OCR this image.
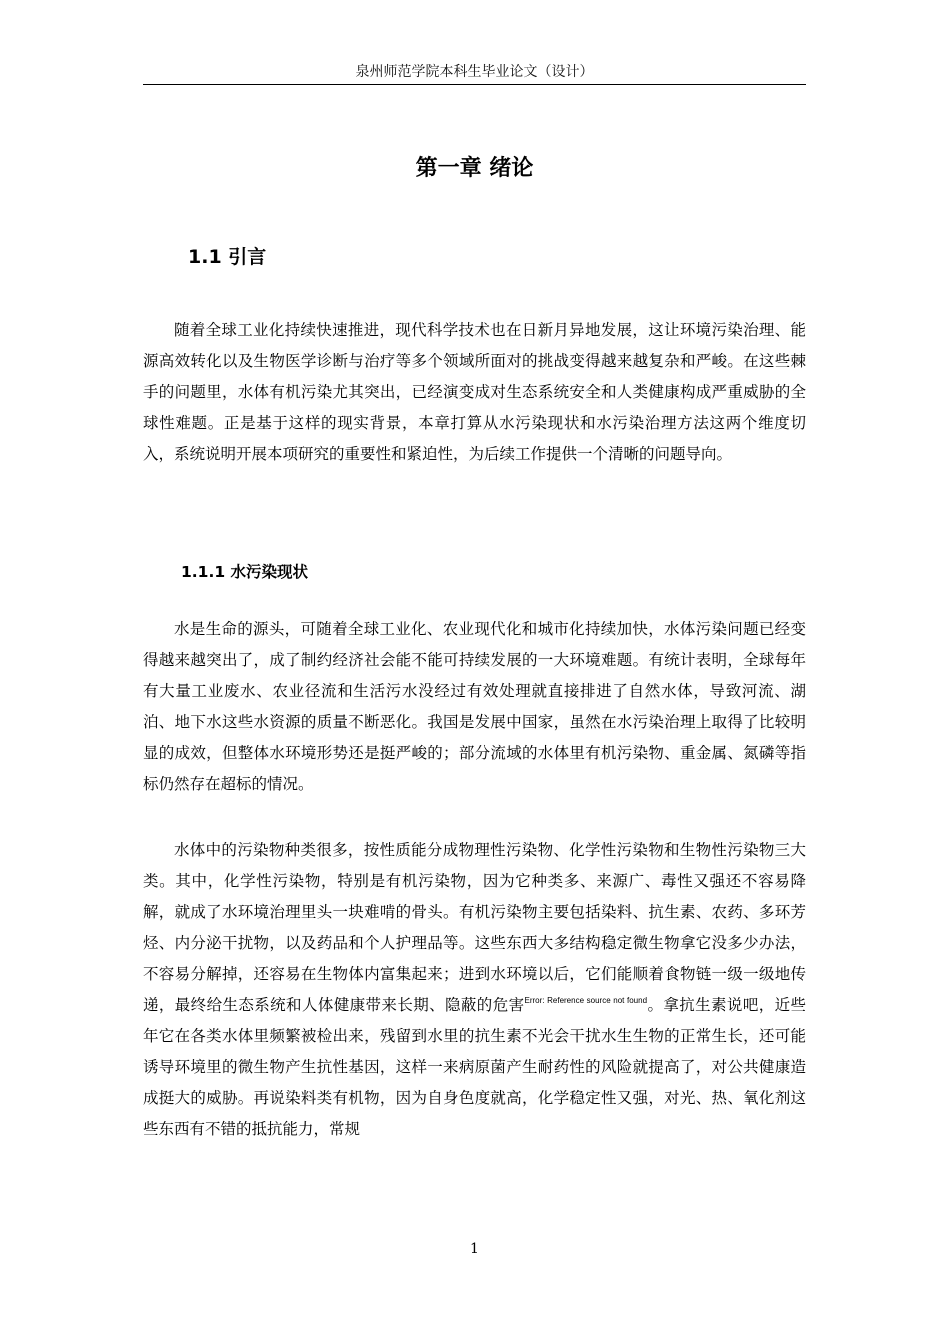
泉州师范学院本科生毕业论文（设计）
第一章 绪论
1.1 引言

随着全球工业化持续快速推进，现代科学技术也在日新月异地发展，这让环境污染治理、能源高效转化以及生物医学诊断与治疗等多个领域所面对的挑战变得越来越复杂和严峻。在这些棘手的问题里，水体有机污染尤其突出，已经演变成对生态系统安全和人类健康构成严重威胁的全球性难题。正是基于这样的现实背景，本章打算从水污染现状和水污染治理方法这两个维度切入，系统说明开展本项研究的重要性和紧迫性，为后续工作提供一个清晰的问题导向。

1.1.1 水污染现状

水是生命的源头，可随着全球工业化、农业现代化和城市化持续加快，水体污染问题已经变得越来越突出了，成了制约经济社会能不能可持续发展的一大环境难题。有统计表明，全球每年有大量工业废水、农业径流和生活污水没经过有效处理就直接排进了自然水体，导致河流、湖泊、地下水这些水资源的质量不断恶化。我国是发展中国家，虽然在水污染治理上取得了比较明显的成效，但整体水环境形势还是挺严峻的；部分流域的水体里有机污染物、重金属、氮磷等指标仍然存在超标的情况。

水体中的污染物种类很多，按性质能分成物理性污染物、化学性污染物和生物性污染物三大类。其中，化学性污染物，特别是有机污染物，因为它种类多、来源广、毒性又强还不容易降解，就成了水环境治理里头一块难啃的骨头。有机污染物主要包括染料、抗生素、农药、多环芳烃、内分泌干扰物，以及药品和个人护理品等。这些东西大多结构稳定微生物拿它没多少办法，不容易分解掉，还容易在生物体内富集起来；进到水环境以后，它们能顺着食物链一级一级地传递，最终给生态系统和人体健康带来长期、隐蔽的危害$^{Error: Reference source not found}$。拿抗生素说吧，近些年它在各类水体里频繁被检出来，残留到水里的抗生素不光会干扰水生生物的正常生长，还可能诱导环境里的微生物产生抗性基因，这样一来病原菌产生耐药性的风险就提高了，对公共健康造成挺大的威胁。再说染料类有机物，因为自身色度就高，化学稳定性又强，对光、热、氧化剂这些东西有不错的抵抗能力，常规

1
